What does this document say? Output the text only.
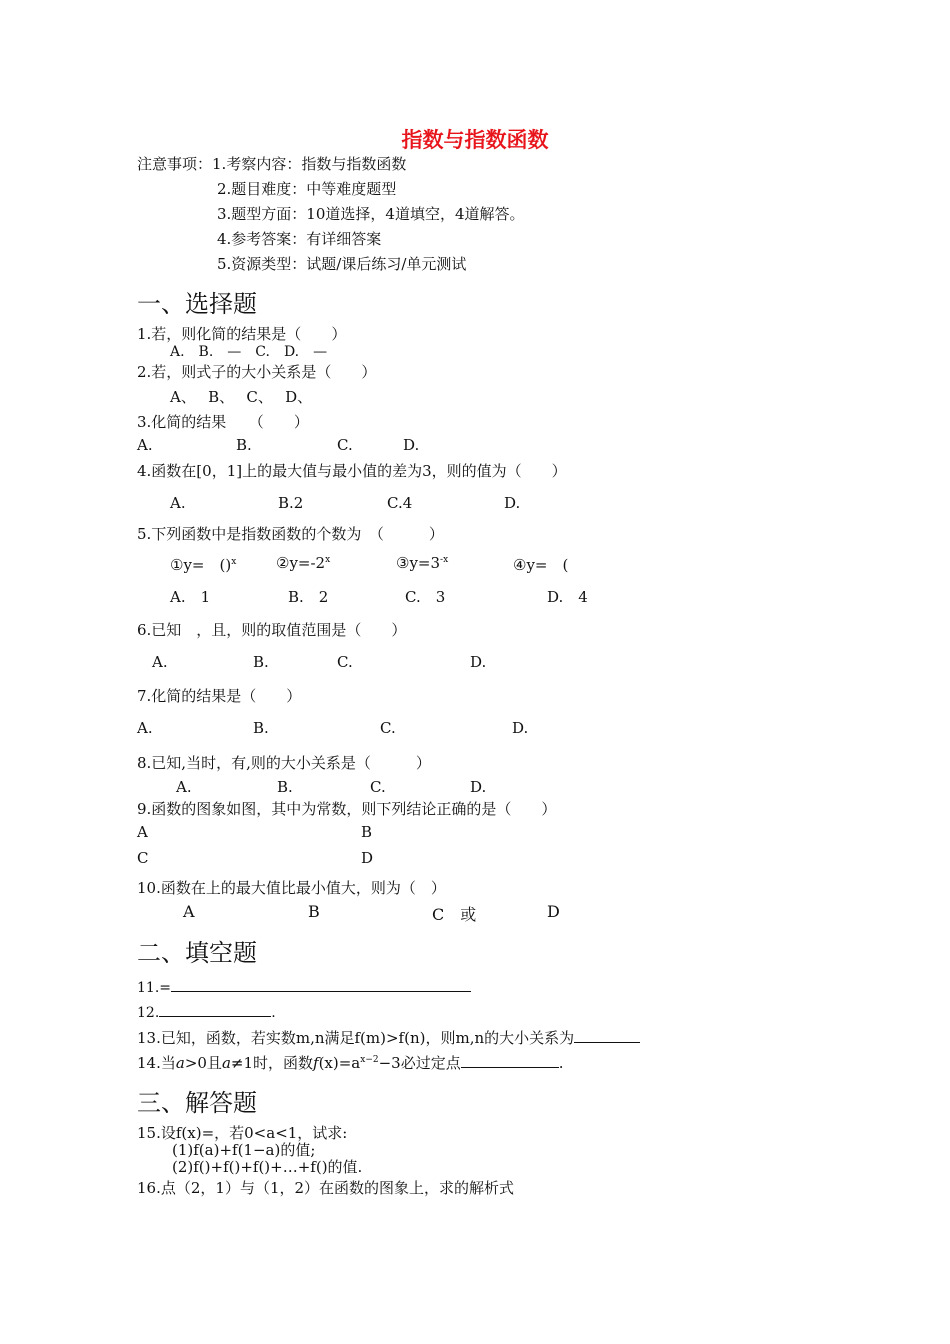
指数与指数函数
注意事项：1.考察内容：指数与指数函数
2.题目难度：中等难度题型
3.题型方面：10道选择，4道填空，4道解答。
4.参考答案：有详细答案
5.资源类型：试题/课后练习/单元测试
一、选择题
1.若，则化简的结果是（　　）
A.　B.　—　C.　D.　—
2.若，则式子的大小关系是（　　）
A、　 B、　 C、　 D、
3.化简的结果　　（　　）
A.	B.	C.	D.
4.函数在[0，1]上的最大值与最小值的差为3，则的值为（　　）
A.	B.2	C.4	D.
5.下列函数中是指数函数的个数为　（　　　）
①y=　()$^x$	$②y=-2^x$	$③y=3^{-x}$	④y=　(
A.　1	B.　2	C.　3	D.　4
6.已知　，且，则的取值范围是（　　）
A.	B.	C.	D.
7.化简的结果是（　　）
A.	B.	C.	D.
8.已知,当时，有,则的大小关系是（　　　）
A.	B.	C.	D.
9.函数的图象如图，其中为常数，则下列结论正确的是（　　）
A	B
C	D
10.函数在上的最大值比最小值大，则为（　）
A	B	C　或	D
二、填空题
11.=
12.	.
13.已知，函数，若实数m,n满足f(m)>f(n)，则m,n的大小关系为
14.当a>0且a≠1时，函数$f(x)=a^{x-2}-3$必过定点	.
三、解答题
15.设f(x)=，若0<a<1，试求:
(1)f(a)+f(1−a)的值;
(2)f()+f()+f()+…+f()的值.
16.点（2，1）与（1，2）在函数的图象上，求的解析式
